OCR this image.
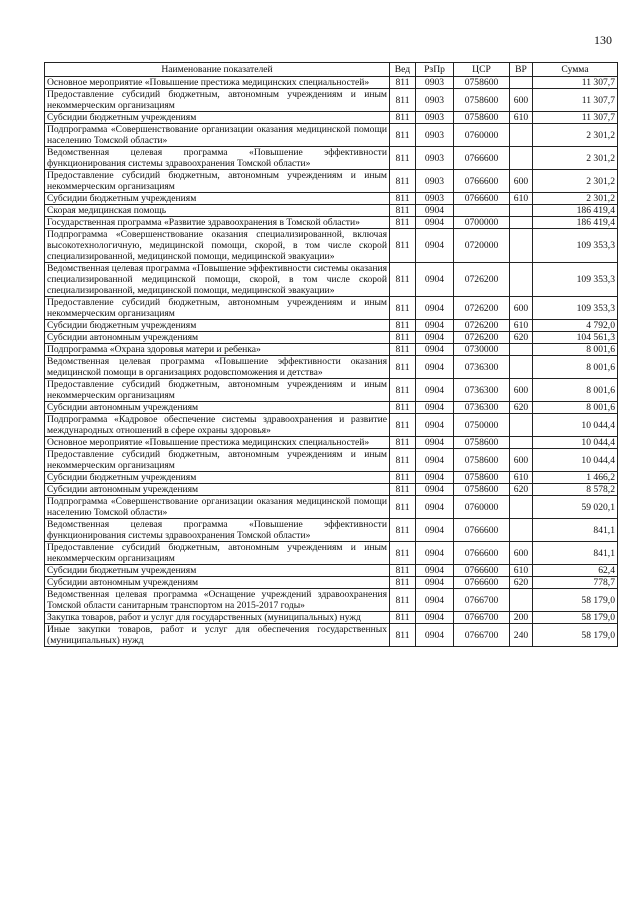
130
Наименование показателей	Вед	РзПр	ЦСР	ВР	Сумма
Основное мероприятие «Повышение престижа медицинских специальностей»	811	0903	0758600		11 307,7
Предоставление субсидий бюджетным, автономным учреждениям и иным некоммерческим организациям	811	0903	0758600	600	11 307,7
Субсидии бюджетным учреждениям	811	0903	0758600	610	11 307,7
Подпрограмма «Совершенствование организации оказания медицинской помощи населению Томской области»	811	0903	0760000		2 301,2
Ведомственная целевая программа «Повышение эффективности функционирования системы здравоохранения Томской области»	811	0903	0766600		2 301,2
Предоставление субсидий бюджетным, автономным учреждениям и иным некоммерческим организациям	811	0903	0766600	600	2 301,2
Субсидии бюджетным учреждениям	811	0903	0766600	610	2 301,2
Скорая медицинская помощь	811	0904			186 419,4
Государственная программа «Развитие здравоохранения в Томской области»	811	0904	0700000		186 419,4
Подпрограмма «Совершенствование оказания специализированной, включая высокотехнологичную, медицинской помощи, скорой, в том числе скорой специализированной, медицинской помощи, медицинской эвакуации»	811	0904	0720000		109 353,3
Ведомственная целевая программа «Повышение эффективности системы оказания специализированной медицинской помощи, скорой, в том числе скорой специализированной, медицинской помощи, медицинской эвакуации»	811	0904	0726200		109 353,3
Предоставление субсидий бюджетным, автономным учреждениям и иным некоммерческим организациям	811	0904	0726200	600	109 353,3
Субсидии бюджетным учреждениям	811	0904	0726200	610	4 792,0
Субсидии автономным учреждениям	811	0904	0726200	620	104 561,3
Подпрограмма «Охрана здоровья матери и ребенка»	811	0904	0730000		8 001,6
Ведомственная целевая программа «Повышение эффективности оказания медицинской помощи в организациях родовспоможения и детства»	811	0904	0736300		8 001,6
Предоставление субсидий бюджетным, автономным учреждениям и иным некоммерческим организациям	811	0904	0736300	600	8 001,6
Субсидии автономным учреждениям	811	0904	0736300	620	8 001,6
Подпрограмма «Кадровое обеспечение системы здравоохранения и развитие международных отношений в сфере охраны здоровья»	811	0904	0750000		10 044,4
Основное мероприятие «Повышение престижа медицинских специальностей»	811	0904	0758600		10 044,4
Предоставление субсидий бюджетным, автономным учреждениям и иным некоммерческим организациям	811	0904	0758600	600	10 044,4
Субсидии бюджетным учреждениям	811	0904	0758600	610	1 466,2
Субсидии автономным учреждениям	811	0904	0758600	620	8 578,2
Подпрограмма «Совершенствование организации оказания медицинской помощи населению Томской области»	811	0904	0760000		59 020,1
Ведомственная целевая программа «Повышение эффективности функционирования системы здравоохранения Томской области»	811	0904	0766600		841,1
Предоставление субсидий бюджетным, автономным учреждениям и иным некоммерческим организациям	811	0904	0766600	600	841,1
Субсидии бюджетным учреждениям	811	0904	0766600	610	62,4
Субсидии автономным учреждениям	811	0904	0766600	620	778,7
Ведомственная целевая программа «Оснащение учреждений здравоохранения Томской области санитарным транспортом на 2015-2017 годы»	811	0904	0766700		58 179,0
Закупка товаров, работ и услуг для государственных (муниципальных) нужд	811	0904	0766700	200	58 179,0
Иные закупки товаров, работ и услуг для обеспечения государственных (муниципальных) нужд	811	0904	0766700	240	58 179,0
